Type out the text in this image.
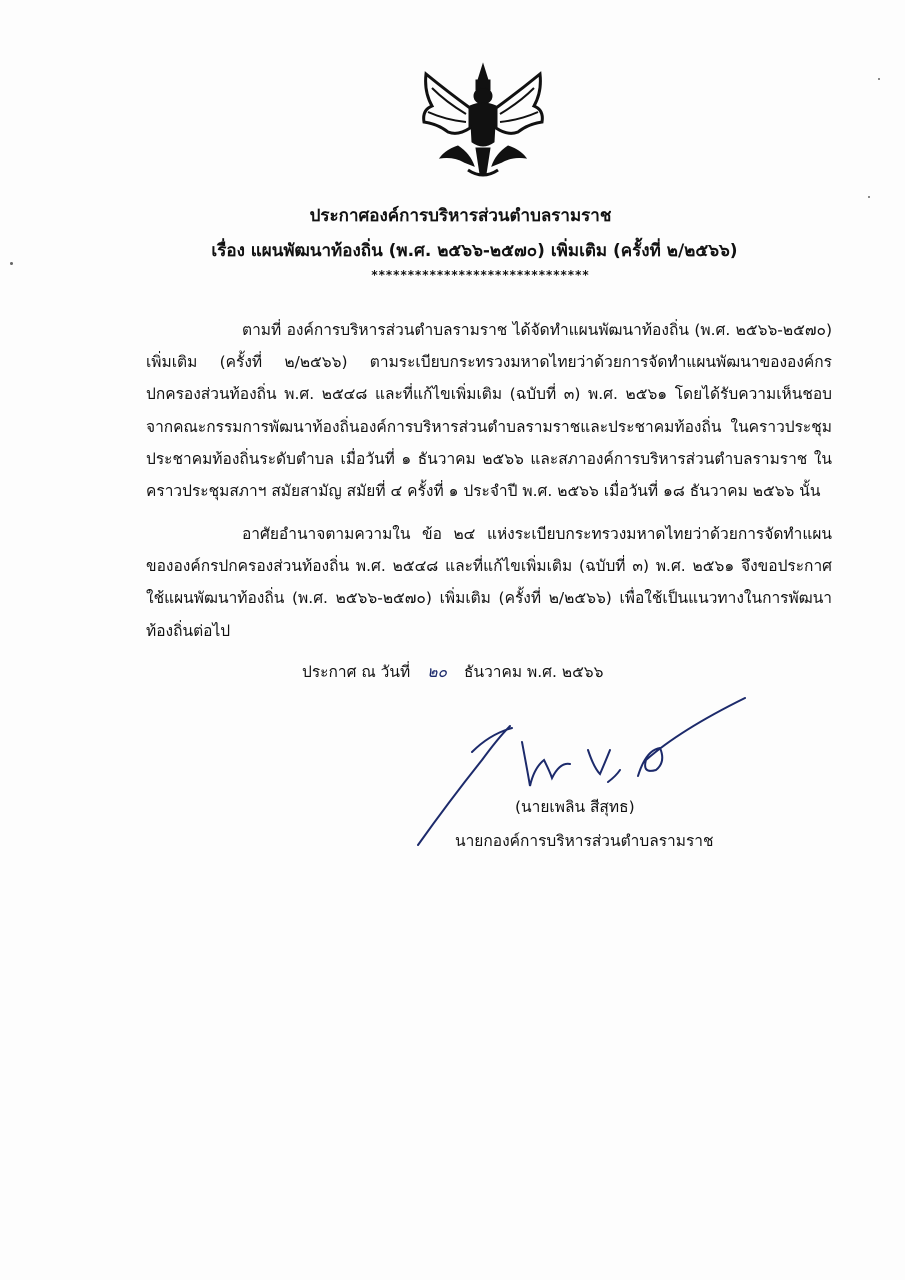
ประกาศองค์การบริหารส่วนตำบลรามราช
เรื่อง แผนพัฒนาท้องถิ่น (พ.ศ. ๒๕๖๖-๒๕๗๐) เพิ่มเติม (ครั้งที่ ๒/๒๕๖๖)
******************************

ตามที่ องค์การบริหารส่วนตำบลรามราช ได้จัดทำแผนพัฒนาท้องถิ่น (พ.ศ. ๒๕๖๖-๒๕๗๐) เพิ่มเติม (ครั้งที่ ๒/๒๕๖๖) ตามระเบียบกระทรวงมหาดไทยว่าด้วยการจัดทำแผนพัฒนาขององค์กรปกครองส่วนท้องถิ่น พ.ศ. ๒๕๔๘ และที่แก้ไขเพิ่มเติม (ฉบับที่ ๓) พ.ศ. ๒๕๖๑ โดยได้รับความเห็นชอบจากคณะกรรมการพัฒนาท้องถิ่นองค์การบริหารส่วนตำบลรามราชและประชาคมท้องถิ่น ในคราวประชุมประชาคมท้องถิ่นระดับตำบล เมื่อวันที่ ๑ ธันวาคม ๒๕๖๖ และสภาองค์การบริหารส่วนตำบลรามราช ในคราวประชุมสภาฯ สมัยสามัญ สมัยที่ ๔ ครั้งที่ ๑ ประจำปี พ.ศ. ๒๕๖๖ เมื่อวันที่ ๑๘ ธันวาคม ๒๕๖๖ นั้น

อาศัยอำนาจตามความใน ข้อ ๒๔ แห่งระเบียบกระทรวงมหาดไทยว่าด้วยการจัดทำแผนขององค์กรปกครองส่วนท้องถิ่น พ.ศ. ๒๕๔๘ และที่แก้ไขเพิ่มเติม (ฉบับที่ ๓) พ.ศ. ๒๕๖๑ จึงขอประกาศใช้แผนพัฒนาท้องถิ่น (พ.ศ. ๒๕๖๖-๒๕๗๐) เพิ่มเติม (ครั้งที่ ๒/๒๕๖๖) เพื่อใช้เป็นแนวทางในการพัฒนาท้องถิ่นต่อไป

ประกาศ ณ วันที่ ๒๐ ธันวาคม พ.ศ. ๒๕๖๖
(นายเพลิน สีสุทธ)
นายกองค์การบริหารส่วนตำบลรามราช
